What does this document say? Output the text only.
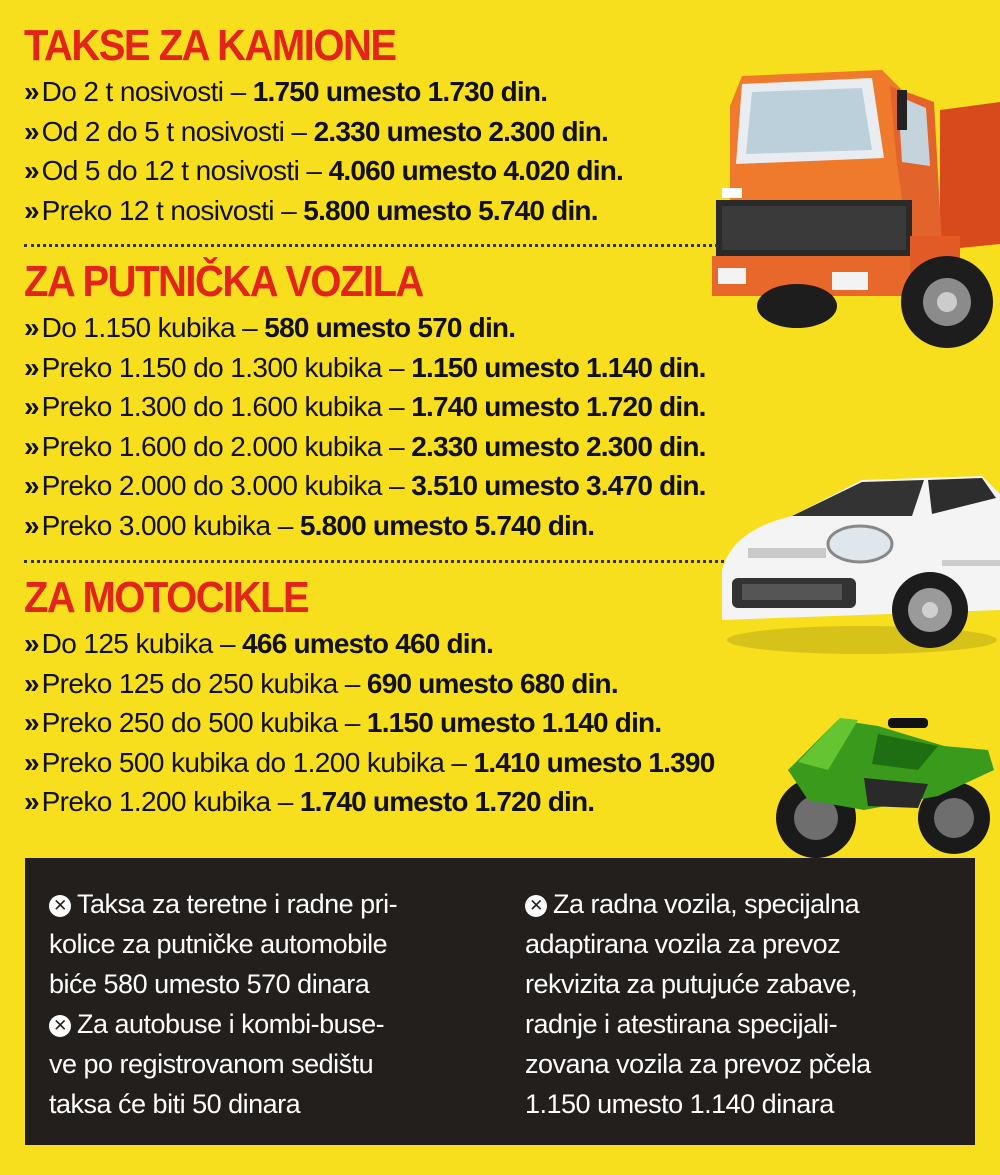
TAKSE ZA KAMIONE
» Do 2 t nosivosti – 1.750 umesto 1.730 din.
» Od 2 do 5 t nosivosti – 2.330 umesto 2.300 din.
» Od 5 do 12 t nosivosti – 4.060 umesto 4.020 din.
» Preko 12 t nosivosti – 5.800 umesto 5.740 din.
ZA PUTNIČKA VOZILA
» Do 1.150 kubika – 580 umesto 570 din.
» Preko 1.150 do 1.300 kubika – 1.150 umesto 1.140 din.
» Preko 1.300 do 1.600 kubika – 1.740 umesto 1.720 din.
» Preko 1.600 do 2.000 kubika – 2.330 umesto 2.300 din.
» Preko 2.000 do 3.000 kubika – 3.510 umesto 3.470 din.
» Preko 3.000 kubika – 5.800 umesto 5.740 din.
ZA MOTOCIKLE
» Do 125 kubika – 466 umesto 460 din.
» Preko 125 do 250 kubika – 690 umesto 680 din.
» Preko 250 do 500 kubika – 1.150 umesto 1.140 din.
» Preko 500 kubika do 1.200 kubika – 1.410 umesto 1.390
» Preko 1.200 kubika – 1.740 umesto 1.720 din.

✕ Taksa za teretne i radne pri-
kolice za putničke automobile
biće 580 umesto 570 dinara

✕ Za autobuse i kombi-buse-
ve po registrovanom sedištu
taksa će biti 50 dinara

✕ Za radna vozila, specijalna
adaptirana vozila za prevoz
rekvizita za putujuće zabave,
radnje i atestirana specijali-
zovana vozila za prevoz pčela
1.150 umesto 1.140 dinara
